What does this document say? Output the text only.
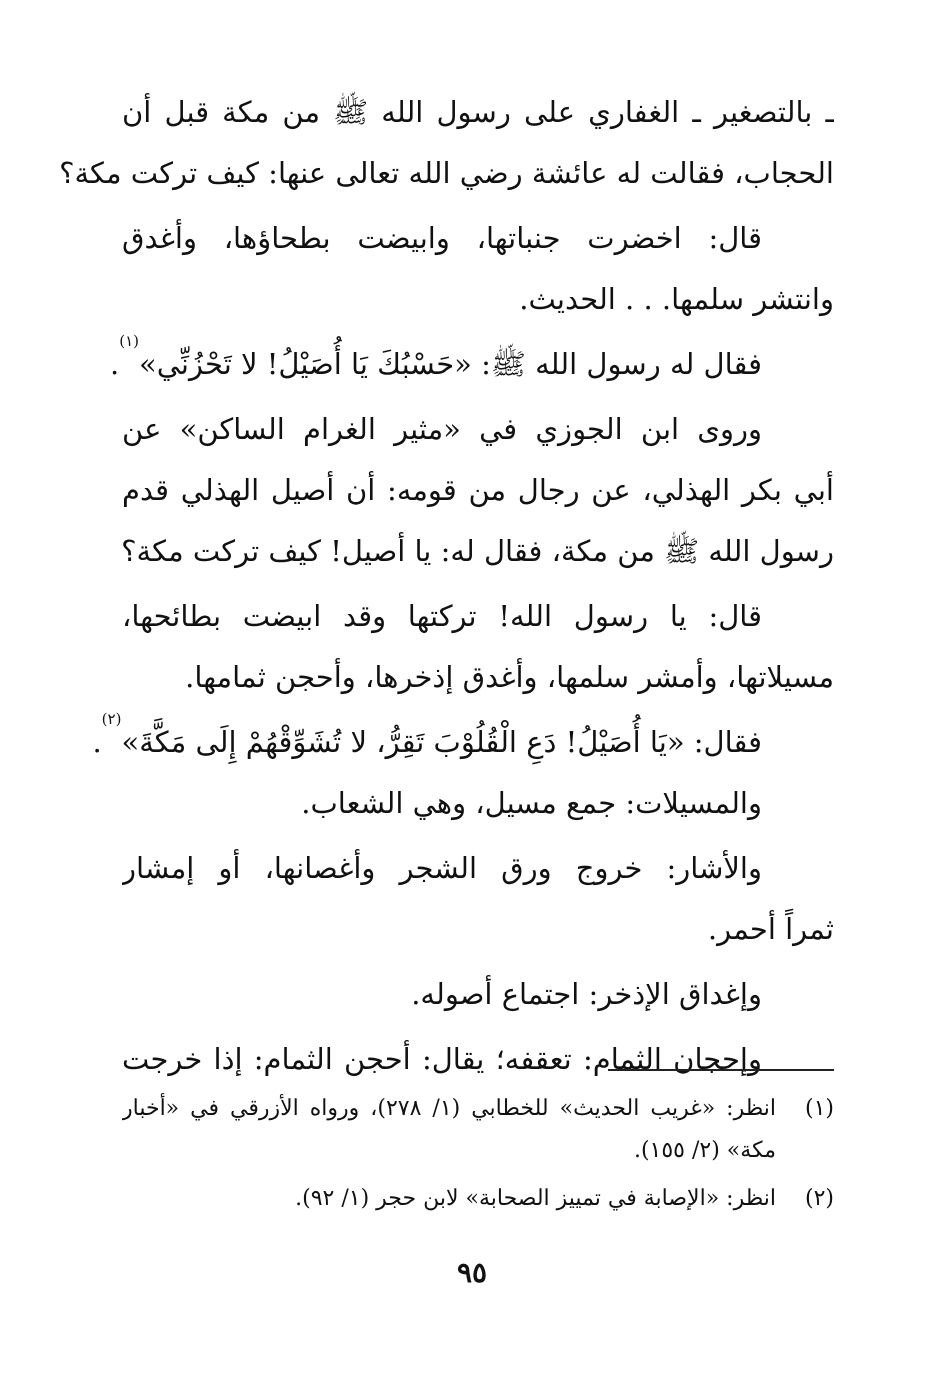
ـ بالتصغير ـ الغفاري على رسول الله ﷺ من مكة قبل أن
الحجاب، فقالت له عائشة رضي الله تعالى عنها: كيف تركت مكة؟
قال: اخضرت جنباتها، وابيضت بطحاؤها، وأغدق
وانتشر سلمها. . . الحديث.
فقال له رسول الله ﷺ: «حَسْبُكَ يَا أُصَيْلُ! لا تَحْزُنِّي»$^{(١)}$.
وروى ابن الجوزي في «مثير الغرام الساكن» عن
أبي بكر الهذلي، عن رجال من قومه: أن أصيل الهذلي قدم
رسول الله ﷺ من مكة، فقال له: يا أصيل! كيف تركت مكة؟
قال: يا رسول الله! تركتها وقد ابيضت بطائحها،
مسيلاتها، وأمشر سلمها، وأغدق إذخرها، وأحجن ثمامها.
فقال: «يَا أُصَيْلُ! دَعِ الْقُلُوْبَ تَقِرُّ، لا تُشَوِّقْهُمْ إِلَى مَكَّةَ»$^{(٢)}$.
والمسيلات: جمع مسيل، وهي الشعاب.
والأشار: خروج ورق الشجر وأغصانها، أو إمشار
ثمراً أحمر.
وإغداق الإذخر: اجتماع أصوله.
وإحجان الثمام: تعقفه؛ يقال: أحجن الثمام: إذا خرجت
(١)
انظر: «غريب الحديث» للخطابي (١/ ٢٧٨)، ورواه الأزرقي في «أخبار
مكة» (٢/ ١٥٥).
(٢)
انظر: «الإصابة في تمييز الصحابة» لابن حجر (١/ ٩٢).
٩٥
